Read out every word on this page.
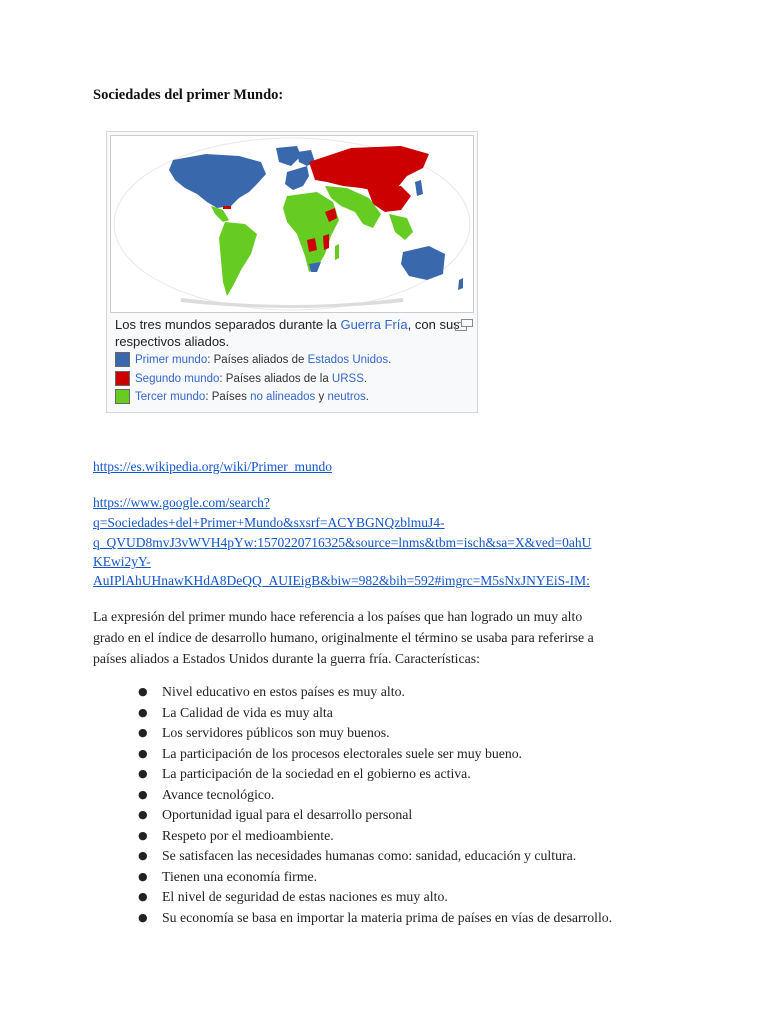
Sociedades del primer Mundo:
Los tres mundos separados durante la Guerra Fría, con sus respectivos aliados.
Primer mundo : Países aliados de Estados Unidos .
Segundo mundo : Países aliados de la URSS .
Tercer mundo : Países no alineados y neutros .
https://es.wikipedia.org/wiki/Primer_mundo
https://www.google.com/search?
q=Sociedades+del+Primer+Mundo&sxsrf=ACYBGNQzblmuJ4-
q_QVUD8mvJ3vWVH4pYw:1570220716325&source=lnms&tbm=isch&sa=X&ved=0ahU
KEwi2yY-
AuIPlAhUHnawKHdA8DeQQ_AUIEigB&biw=982&bih=592#imgrc=M5sNxJNYEiS-IM:
La expresión del primer mundo hace referencia a los países que han logrado un muy alto
grado en el índice de desarrollo humano, originalmente el término se usaba para referirse a
países aliados a Estados Unidos durante la guerra fría. Características:
● Nivel educativo en estos países es muy alto.
● La Calidad de vida es muy alta
● Los servidores públicos son muy buenos.
● La participación de los procesos electorales suele ser muy bueno.
● La participación de la sociedad en el gobierno es activa.
● Avance tecnológico.
● Oportunidad igual para el desarrollo personal
● Respeto por el medioambiente.
● Se satisfacen las necesidades humanas como: sanidad, educación y cultura.
● Tienen una economía firme.
● El nivel de seguridad de estas naciones es muy alto.
● Su economía se basa en importar la materia prima de países en vías de desarrollo.
